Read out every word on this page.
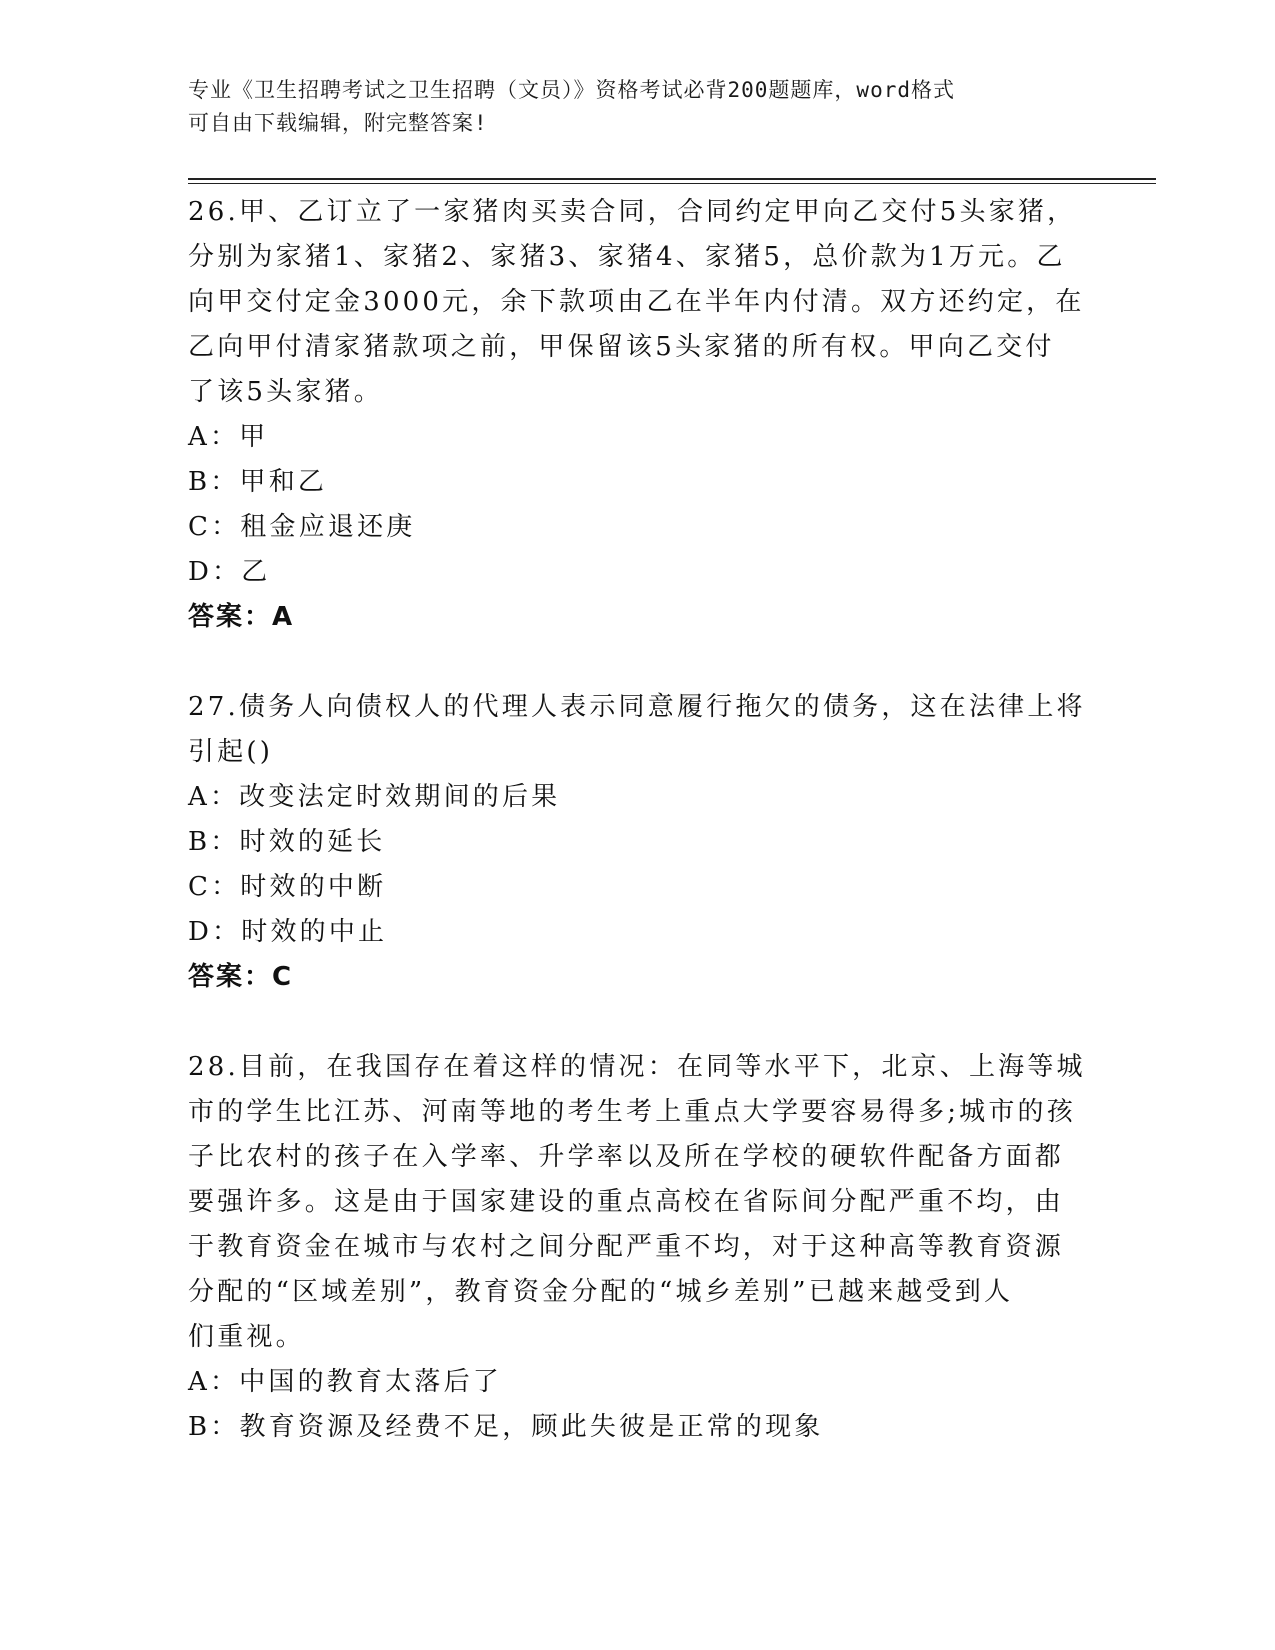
专业《卫生招聘考试之卫生招聘（文员）》资格考试必背200题题库，word格式
可自由下载编辑，附完整答案!
26.甲、乙订立了一家猪肉买卖合同，合同约定甲向乙交付5头家猪，
分别为家猪1、家猪2、家猪3、家猪4、家猪5，总价款为1万元。乙
向甲交付定金3000元，余下款项由乙在半年内付清。双方还约定，在
乙向甲付清家猪款项之前，甲保留该5头家猪的所有权。甲向乙交付
了该5头家猪。
A：甲
B：甲和乙
C：租金应退还庚
D：乙
答案：A
27.债务人向债权人的代理人表示同意履行拖欠的债务，这在法律上将
引起()
A：改变法定时效期间的后果
B：时效的延长
C：时效的中断
D：时效的中止
答案：C
28.目前，在我国存在着这样的情况：在同等水平下，北京、上海等城
市的学生比江苏、河南等地的考生考上重点大学要容易得多;城市的孩
子比农村的孩子在入学率、升学率以及所在学校的硬软件配备方面都
要强许多。这是由于国家建设的重点高校在省际间分配严重不均，由
于教育资金在城市与农村之间分配严重不均，对于这种高等教育资源
分配的“区域差别”，教育资金分配的“城乡差别”已越来越受到人
们重视。
A：中国的教育太落后了
B：教育资源及经费不足，顾此失彼是正常的现象
